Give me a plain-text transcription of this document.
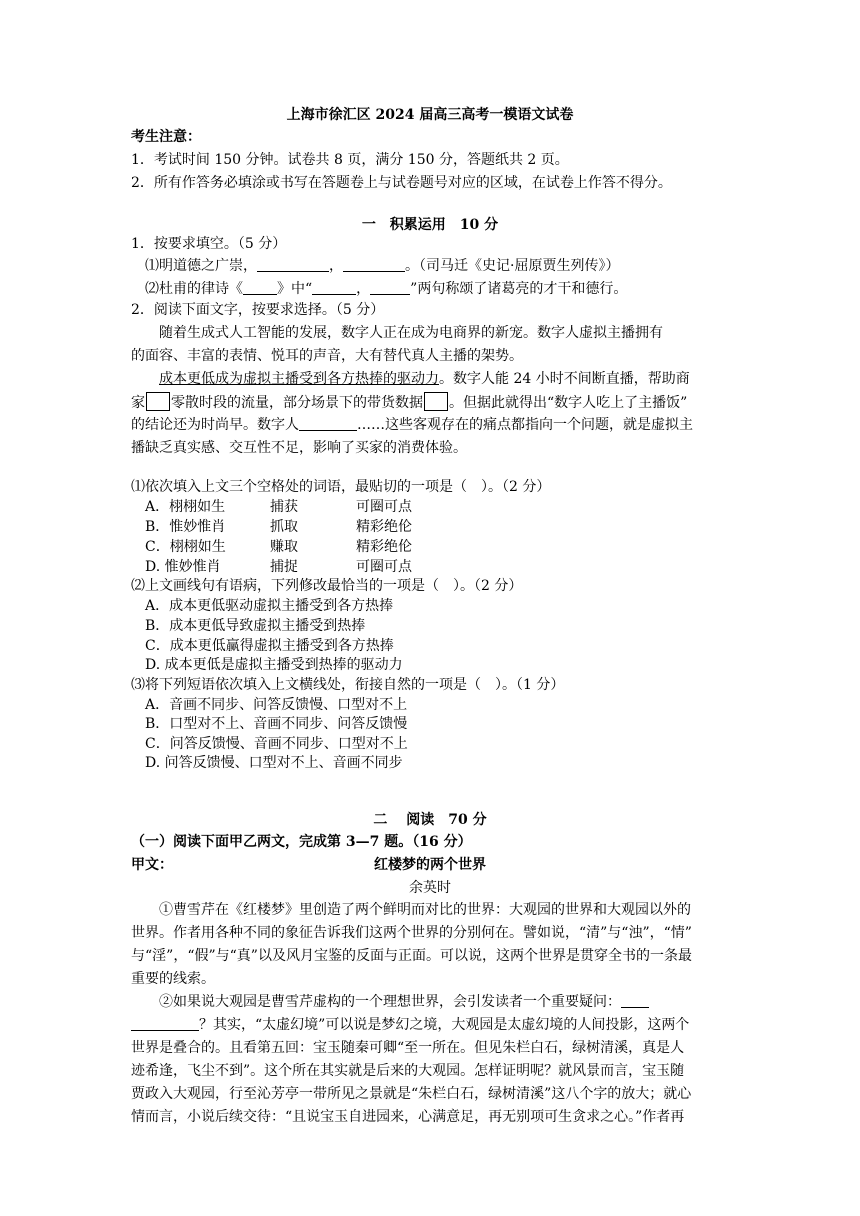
上海市徐汇区 2024 届高三高考一模语文试卷
考生注意：
1．考试时间 150 分钟。试卷共 8 页，满分 150 分，答题纸共 2 页。
2．所有作答务必填涂或书写在答题卷上与试卷题号对应的区域，在试卷上作答不得分。
一　积累运用　10 分
1．按要求填空。（5 分）
⑴明道德之广崇，	，	。（司马迁《史记·屈原贾生列传》）
⑵杜甫的律诗《 》中“	，	”两句称颂了诸葛亮的才干和德行。
2．阅读下面文字，按要求选择。（5 分）
随着生成式人工智能的发展，数字人正在成为电商界的新宠。数字人虚拟主播拥有
的面容、丰富的表情、悦耳的声音，大有替代真人主播的架势。
成本更低成为虚拟主播受到各方热捧的驱动力。数字人能 24 小时不间断直播，帮助商
家 零散时段的流量，部分场景下的带货数据 。但据此就得出“数字人吃上了主播饭”
的结论还为时尚早。数字人	……这些客观存在的痛点都指向一个问题，就是虚拟主
播缺乏真实感、交互性不足，影响了买家的消费体验。
⑴依次填入上文三个空格处的词语，最贴切的一项是（　）。（2 分）
A．栩栩如生	捕获	可圈可点
B．惟妙惟肖	抓取	精彩绝伦
C．栩栩如生	赚取	精彩绝伦
D. 惟妙惟肖	捕捉	可圈可点
⑵上文画线句有语病，下列修改最恰当的一项是（　）。（2 分）
A．成本更低驱动虚拟主播受到各方热捧
B．成本更低导致虚拟主播受到热捧
C．成本更低赢得虚拟主播受到各方热捧
D. 成本更低是虚拟主播受到热捧的驱动力
⑶将下列短语依次填入上文横线处，衔接自然的一项是（　）。（1 分）
A．音画不同步、问答反馈慢、口型对不上
B．口型对不上、音画不同步、问答反馈慢
C．问答反馈慢、音画不同步、口型对不上
D. 问答反馈慢、口型对不上、音画不同步
二　 阅读　70 分
（一）阅读下面甲乙两文，完成第 3—7 题。（16 分）
甲文：	红楼梦的两个世界
余英时
①曹雪芹在《红楼梦》里创造了两个鲜明而对比的世界：大观园的世界和大观园以外的
世界。作者用各种不同的象征告诉我们这两个世界的分别何在。譬如说，“清”与“浊”，“情”
与“淫”，“假”与“真”以及风月宝鉴的反面与正面。可以说，这两个世界是贯穿全书的一条最
重要的线索。
②如果说大观园是曹雪芹虚构的一个理想世界，会引发读者一个重要疑问：
？其实，“太虚幻境”可以说是梦幻之境，大观园是太虚幻境的人间投影，这两个
世界是叠合的。且看第五回：宝玉随秦可卿“至一所在。但见朱栏白石，绿树清溪，真是人
迹希逢，飞尘不到”。这个所在其实就是后来的大观园。怎样证明呢？就风景而言，宝玉随
贾政入大观园，行至沁芳亭一带所见之景就是“朱栏白石，绿树清溪”这八个字的放大；就心
情而言，小说后续交待：“且说宝玉自进园来，心满意足，再无别项可生贪求之心。”作者再
